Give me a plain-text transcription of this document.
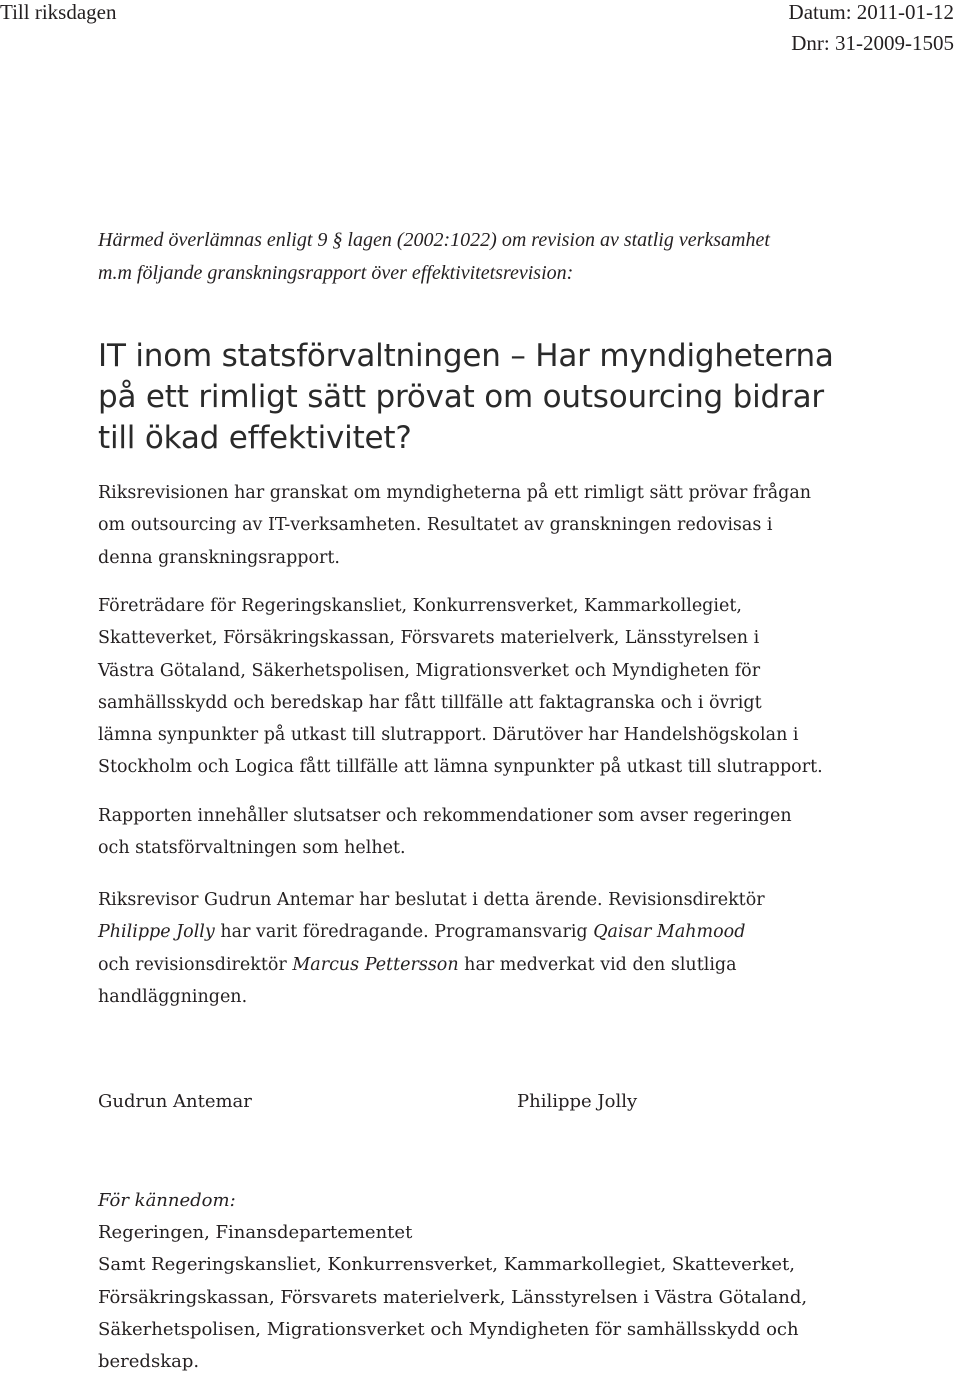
Till riksdagen	Datum: 2011-01-12
Dnr: 31-2009-1505

Härmed överlämnas enligt 9 § lagen (2002:1022) om revision av statlig verksamhet

m.m följande granskningsrapport över effektivitetsrevision:

IT inom statsförvaltningen – Har myndigheterna

på ett rimligt sätt prövat om outsourcing bidrar

till ökad effektivitet?

Riksrevisionen har granskat om myndigheterna på ett rimligt sätt prövar frågan

om outsourcing av IT-verksamheten. Resultatet av granskningen redovisas i

denna granskningsrapport.

Företrädare för Regeringskansliet, Konkurrensverket, Kammarkollegiet,

Skatteverket, Försäkringskassan, Försvarets materielverk, Länsstyrelsen i

Västra Götaland, Säkerhetspolisen, Migrationsverket och Myndigheten för

samhällsskydd och beredskap har fått tillfälle att faktagranska och i övrigt

lämna synpunkter på utkast till slutrapport. Därutöver har Handelshögskolan i

Stockholm och Logica fått tillfälle att lämna synpunkter på utkast till slutrapport.

Rapporten innehåller slutsatser och rekommendationer som avser regeringen

och statsförvaltningen som helhet.

Riksrevisor Gudrun Antemar har beslutat i detta ärende. Revisionsdirektör

Philippe Jolly har varit föredragande. Programansvarig Qaisar Mahmood

och revisionsdirektör Marcus Pettersson har medverkat vid den slutliga

handläggningen.

Gudrun Antemar	Philippe Jolly

För kännedom:

Regeringen, Finansdepartementet

Samt Regeringskansliet, Konkurrensverket, Kammarkollegiet, Skatteverket,

Försäkringskassan, Försvarets materielverk, Länsstyrelsen i Västra Götaland,

Säkerhetspolisen, Migrationsverket och Myndigheten för samhällsskydd och

beredskap.
